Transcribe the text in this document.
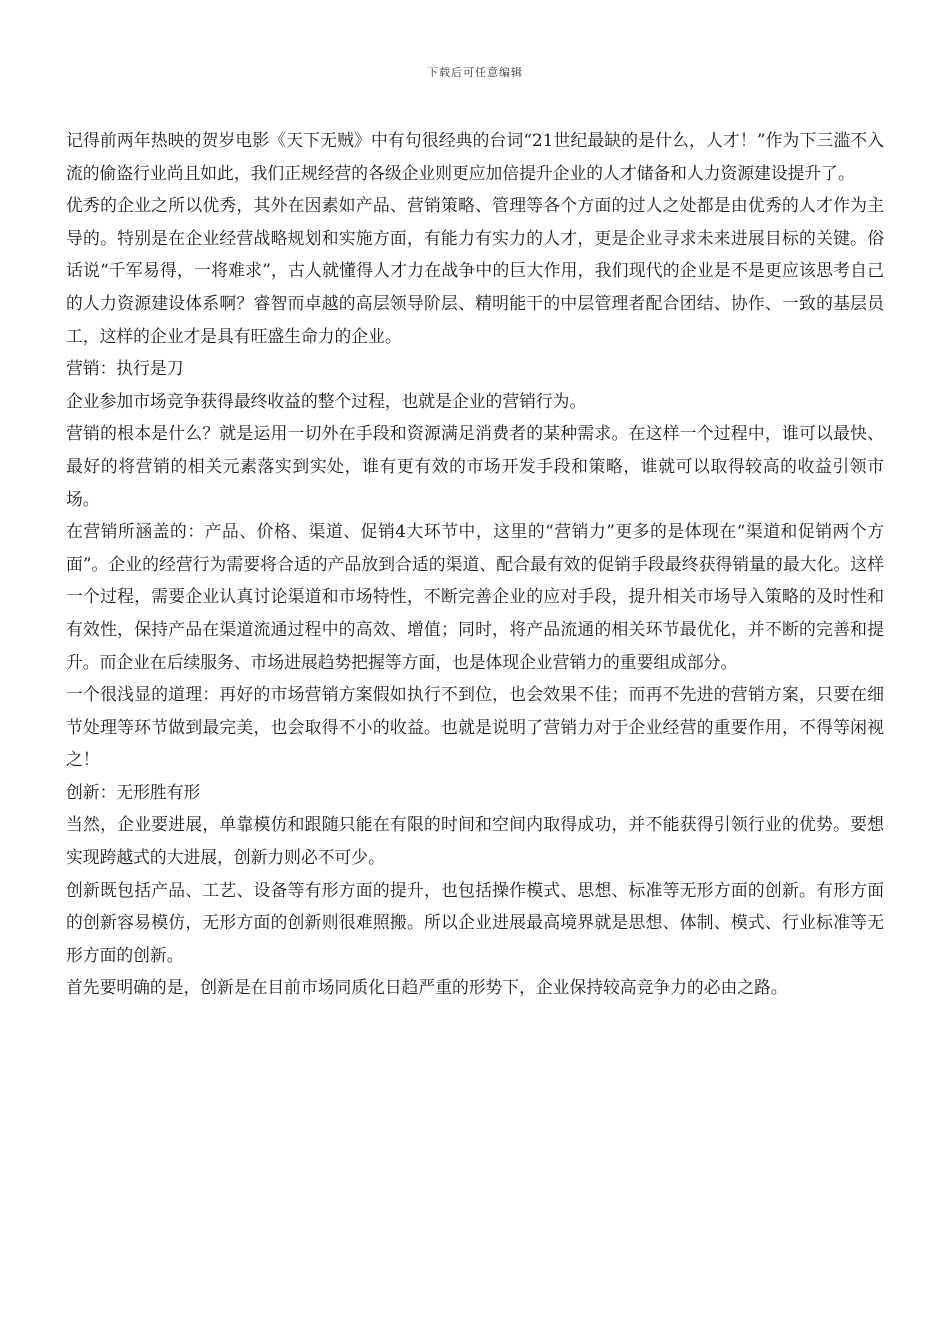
下载后可任意编辑

记得前两年热映的贺岁电影《天下无贼》中有句很经典的台词“21世纪最缺的是什么，人才！”作为下三滥不入流的偷盗行业尚且如此，我们正规经营的各级企业则更应加倍提升企业的人才储备和人力资源建设提升了。

优秀的企业之所以优秀，其外在因素如产品、营销策略、管理等各个方面的过人之处都是由优秀的人才作为主导的。特别是在企业经营战略规划和实施方面，有能力有实力的人才，更是企业寻求未来进展目标的关键。俗话说“千军易得，一将难求”，古人就懂得人才力在战争中的巨大作用，我们现代的企业是不是更应该思考自己的人力资源建设体系啊？睿智而卓越的高层领导阶层、精明能干的中层管理者配合团结、协作、一致的基层员工，这样的企业才是具有旺盛生命力的企业。

营销：执行是刀

企业参加市场竞争获得最终收益的整个过程，也就是企业的营销行为。

营销的根本是什么？就是运用一切外在手段和资源满足消费者的某种需求。在这样一个过程中，谁可以最快、最好的将营销的相关元素落实到实处，谁有更有效的市场开发手段和策略，谁就可以取得较高的收益引领市场。

在营销所涵盖的：产品、价格、渠道、促销4大环节中，这里的“营销力”更多的是体现在“渠道和促销两个方面”。企业的经营行为需要将合适的产品放到合适的渠道、配合最有效的促销手段最终获得销量的最大化。这样一个过程，需要企业认真讨论渠道和市场特性，不断完善企业的应对手段，提升相关市场导入策略的及时性和有效性，保持产品在渠道流通过程中的高效、增值；同时，将产品流通的相关环节最优化，并不断的完善和提升。而企业在后续服务、市场进展趋势把握等方面，也是体现企业营销力的重要组成部分。

一个很浅显的道理：再好的市场营销方案假如执行不到位，也会效果不佳；而再不先进的营销方案，只要在细节处理等环节做到最完美，也会取得不小的收益。也就是说明了营销力对于企业经营的重要作用，不得等闲视之！

创新：无形胜有形

当然，企业要进展，单靠模仿和跟随只能在有限的时间和空间内取得成功，并不能获得引领行业的优势。要想实现跨越式的大进展，创新力则必不可少。

创新既包括产品、工艺、设备等有形方面的提升，也包括操作模式、思想、标准等无形方面的创新。有形方面的创新容易模仿，无形方面的创新则很难照搬。所以企业进展最高境界就是思想、体制、模式、行业标准等无形方面的创新。

首先要明确的是，创新是在目前市场同质化日趋严重的形势下，企业保持较高竞争力的必由之路。
